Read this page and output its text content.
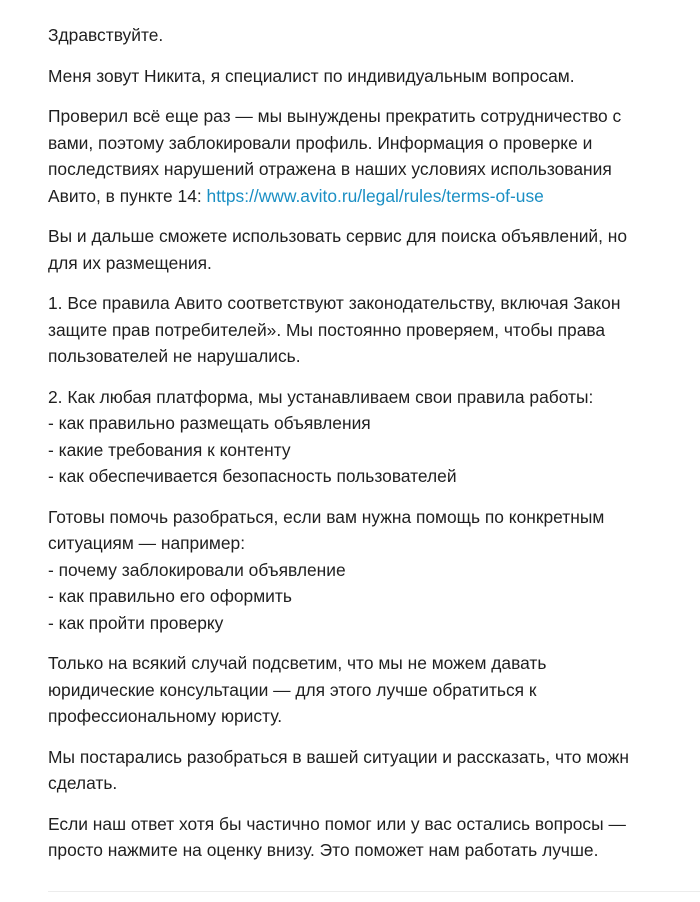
Здравствуйте.

Меня зовут Никита, я специалист по индивидуальным вопросам.

Проверил всё еще раз — мы вынуждены прекратить сотрудничество с
вами, поэтому заблокировали профиль. Информация о проверке и
последствиях нарушений отражена в наших условиях использования
Авито, в пункте 14: https://www.avito.ru/legal/rules/terms-of-use

Вы и дальше сможете использовать сервис для поиска объявлений, но
для их размещения.

1. Все правила Авито соответствуют законодательству, включая Закон
защите прав потребителей». Мы постоянно проверяем, чтобы права
пользователей не нарушались.

2. Как любая платформа, мы устанавливаем свои правила работы:
- как правильно размещать объявления
- какие требования к контенту
- как обеспечивается безопасность пользователей

Готовы помочь разобраться, если вам нужна помощь по конкретным
ситуациям — например:
- почему заблокировали объявление
- как правильно его оформить
- как пройти проверку

Только на всякий случай подсветим, что мы не можем давать
юридические консультации — для этого лучше обратиться к
профессиональному юристу.

Мы постарались разобраться в вашей ситуации и рассказать, что можн
сделать.

Если наш ответ хотя бы частично помог или у вас остались вопросы —
просто нажмите на оценку внизу. Это поможет нам работать лучше.
